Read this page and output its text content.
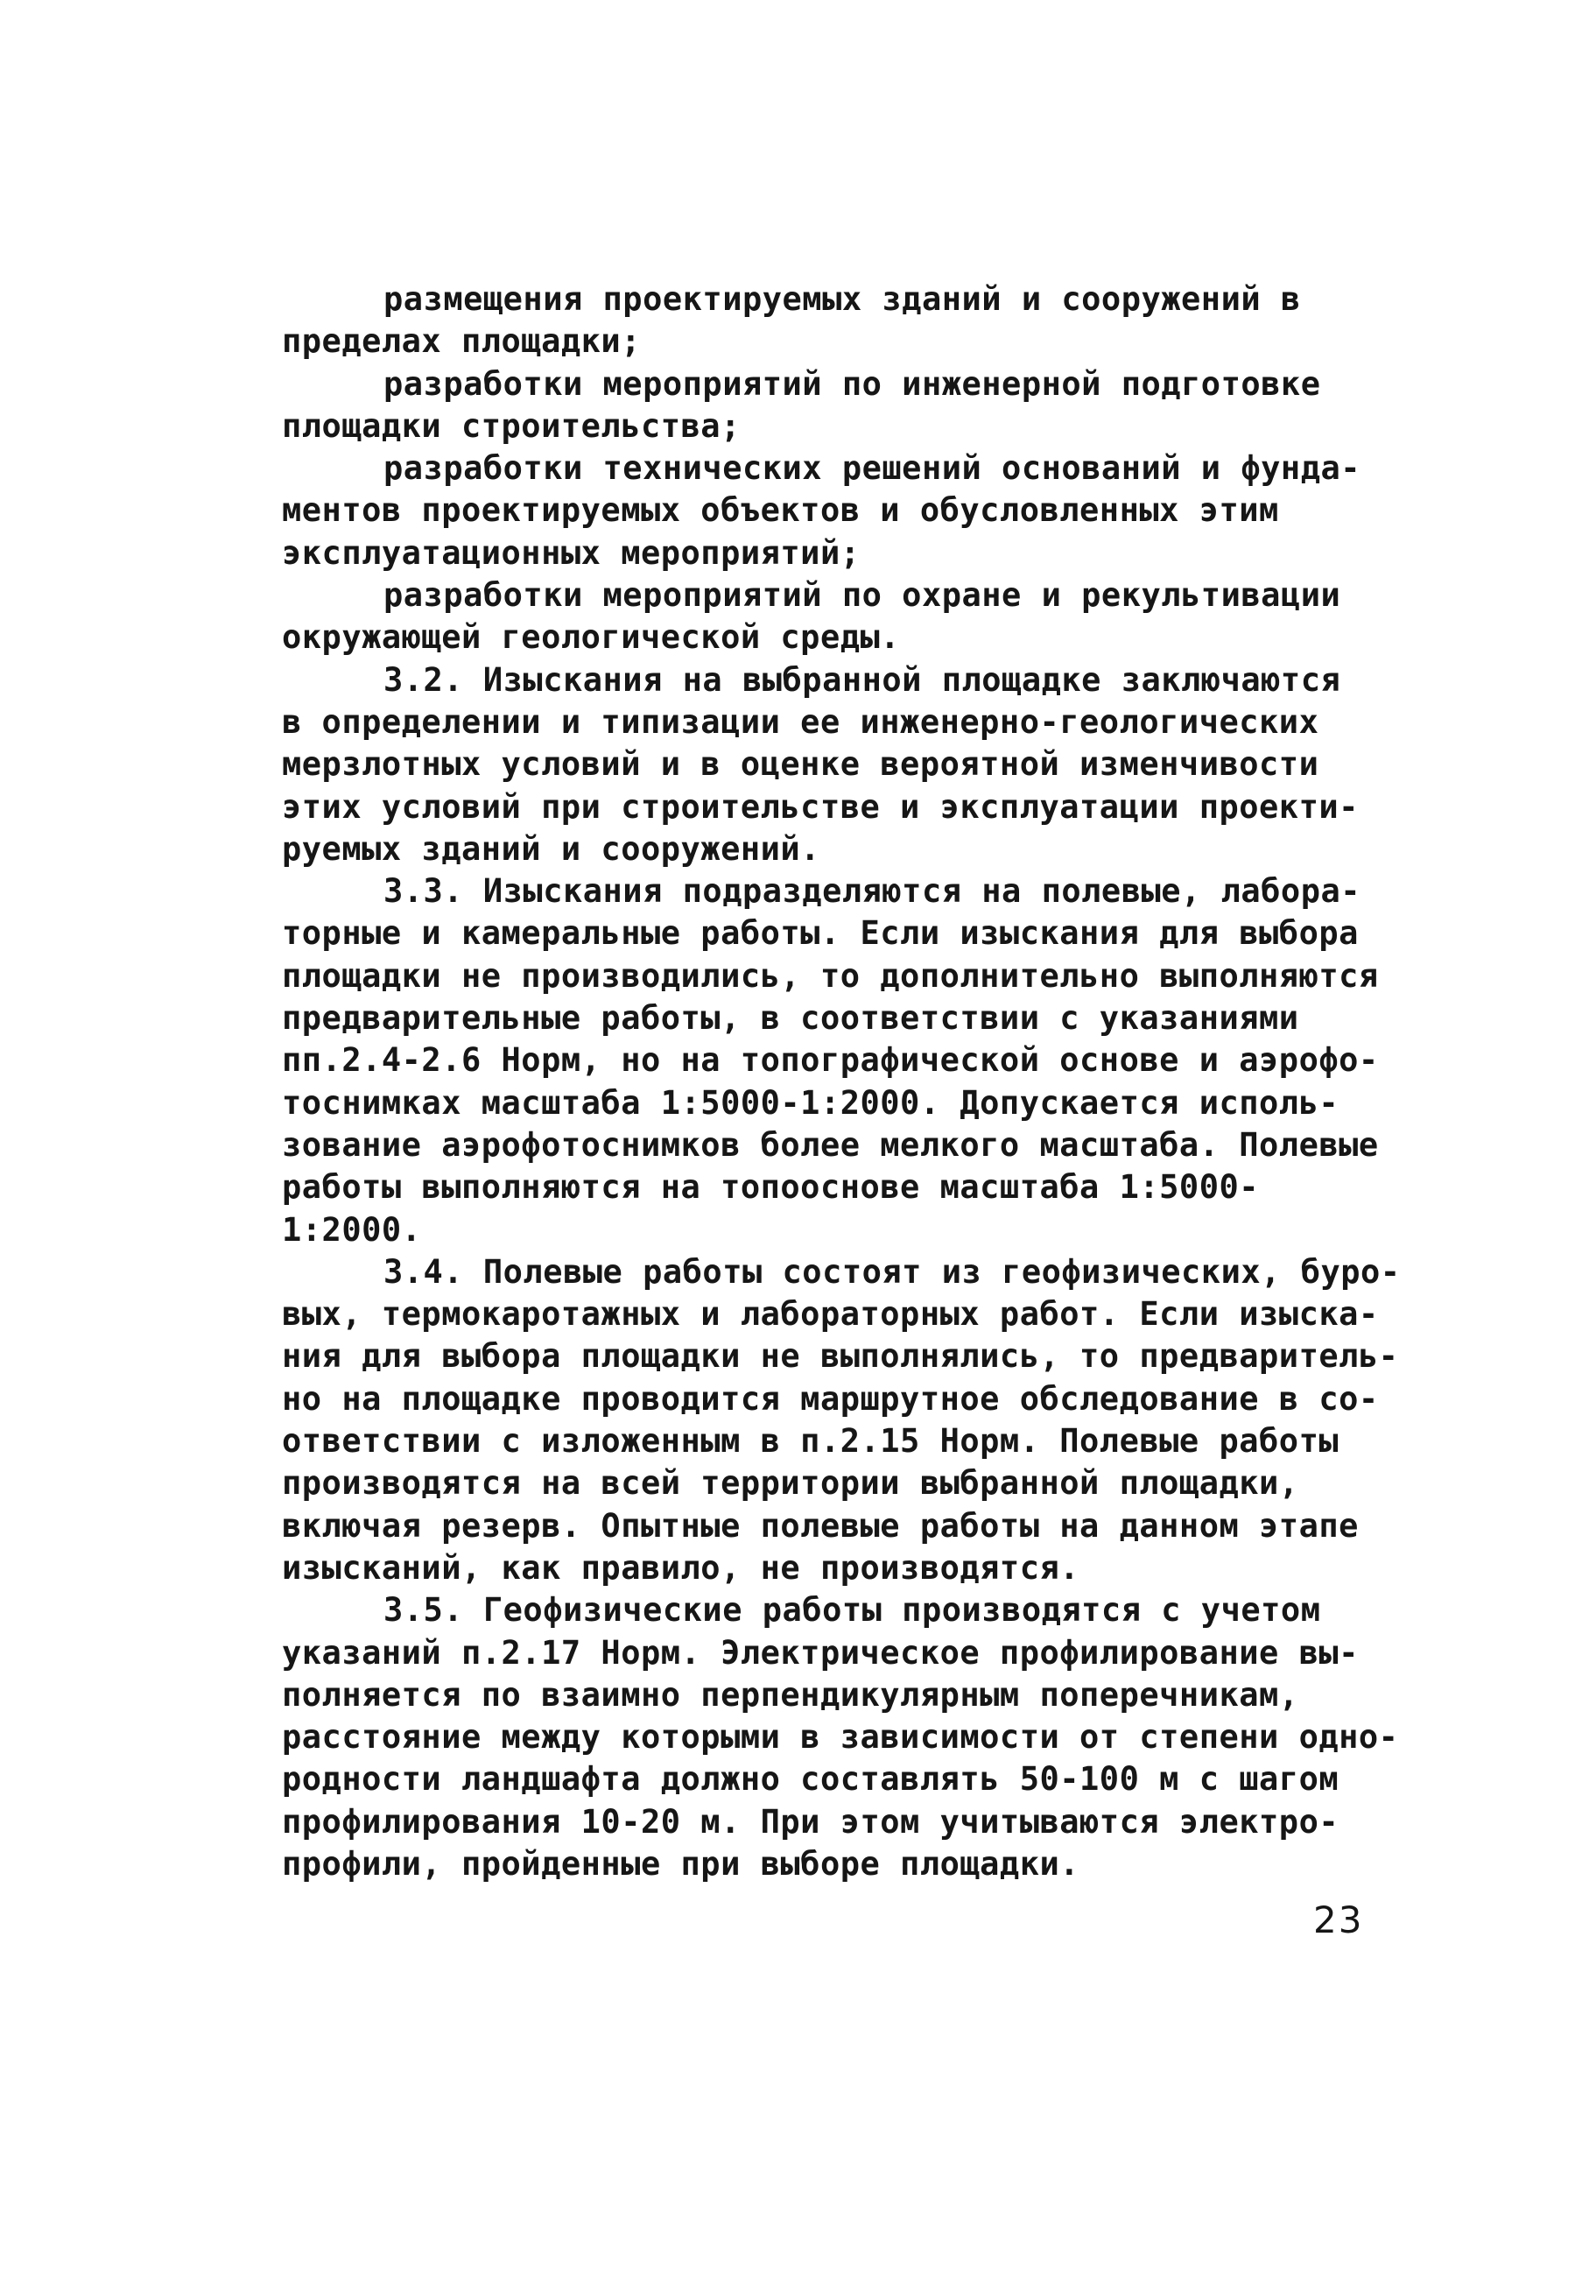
размещения проектируемых зданий и сооружений в
пределах площадки;
разработки мероприятий по инженерной подготовке
площадки строительства;
разработки технических решений оснований и фунда-
ментов проектируемых объектов и обусловленных этим
эксплуатационных мероприятий;
разработки мероприятий по охране и рекультивации
окружающей геологической среды.
3.2. Изыскания на выбранной площадке заключаются
в определении и типизации ее инженерно-геологических
мерзлотных условий и в оценке вероятной изменчивости
этих условий при строительстве и эксплуатации проекти-
руемых зданий и сооружений.
3.3. Изыскания подразделяются на полевые, лабора-
торные и камеральные работы. Если изыскания для выбора
площадки не производились, то дополнительно выполняются
предварительные работы, в соответствии с указаниями
пп.2.4-2.6 Норм, но на топографической основе и аэрофо-
тоснимках масштаба 1:5000-1:2000. Допускается исполь-
зование аэрофотоснимков более мелкого масштаба. Полевые
работы выполняются на топооснове масштаба 1:5000-
1:2000.
3.4. Полевые работы состоят из геофизических, буро-
вых, термокаротажных и лабораторных работ. Если изыска-
ния для выбора площадки не выполнялись, то предваритель-
но на площадке проводится маршрутное обследование в со-
ответствии с изложенным в п.2.15 Норм. Полевые работы
производятся на всей территории выбранной площадки,
включая резерв. Опытные полевые работы на данном этапе
изысканий, как правило, не производятся.
3.5. Геофизические работы производятся с учетом
указаний п.2.17 Норм. Электрическое профилирование вы-
полняется по взаимно перпендикулярным поперечникам,
расстояние между которыми в зависимости от степени одно-
родности ландшафта должно составлять 50-100 м с шагом
профилирования 10-20 м. При этом учитываются электро-
профили, пройденные при выборе площадки.
23
